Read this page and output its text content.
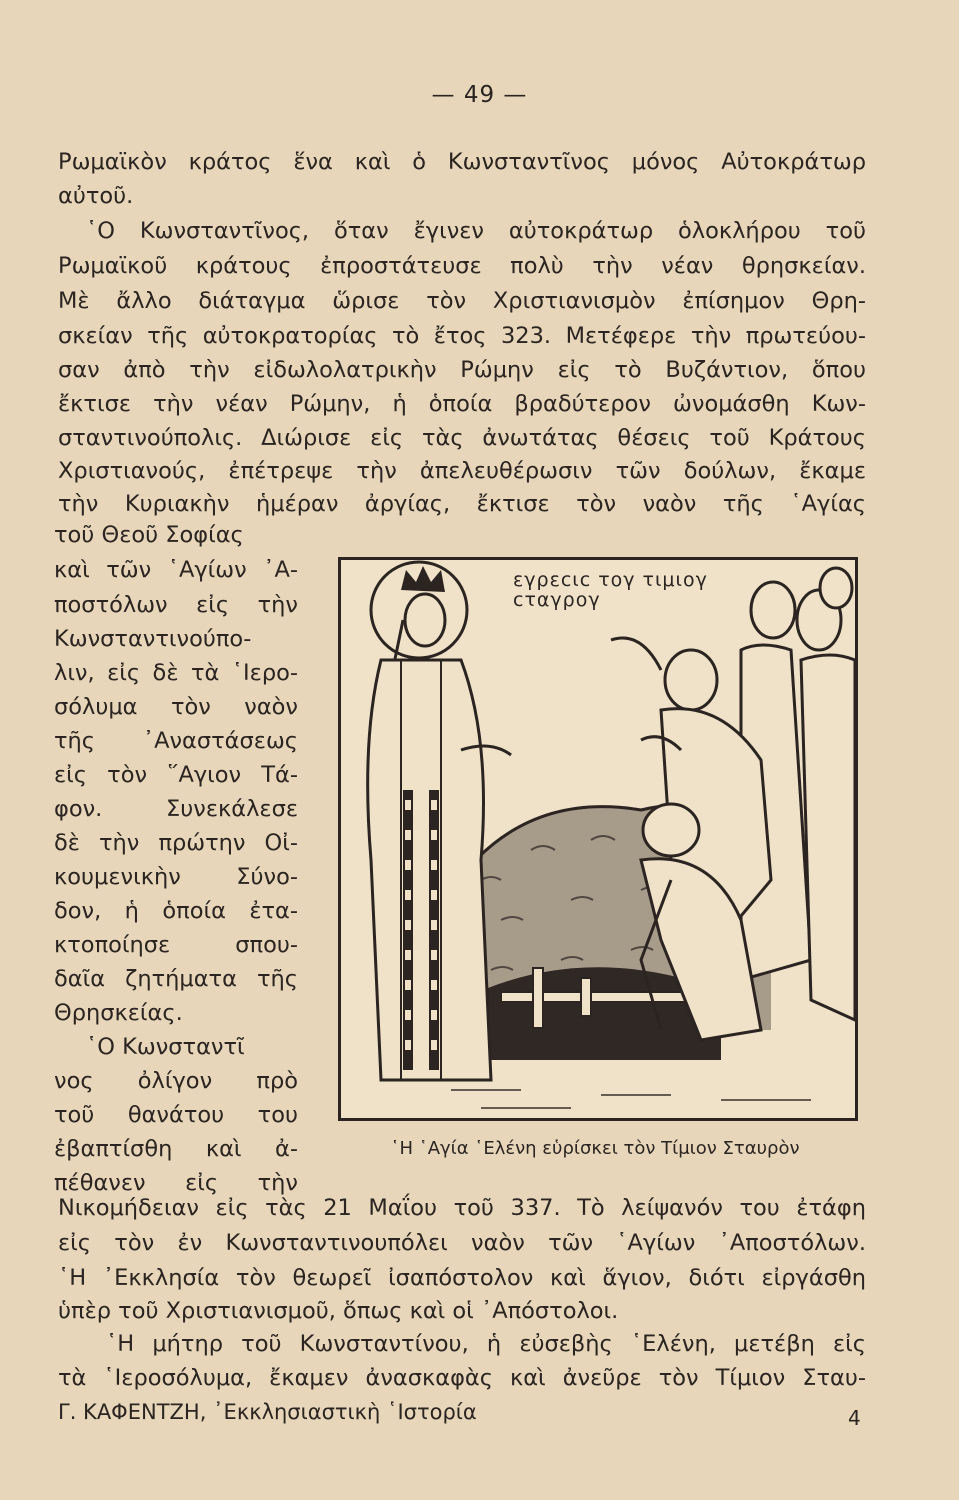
— 49 —
Ρωμαϊκὸν κράτος ἕνα καὶ ὁ Κωνσταντῖνος μόνος Αὐτοκράτωρ
αὐτοῦ.
῾Ο Κωνσταντῖνος, ὅταν ἔγινεν αὐτοκράτωρ ὁλοκλήρου τοῦ
Ρωμαϊκοῦ κράτους ἐπροστάτευσε πολὺ τὴν νέαν θρησκείαν.
Μὲ ἄλλο διάταγμα ὥρισε τὸν Χριστιανισμὸν ἐπίσημον Θρη-
σκείαν τῆς αὐτοκρατορίας τὸ ἔτος 323. Μετέφερε τὴν πρωτεύου-
σαν ἀπὸ τὴν εἰδωλολατρικὴν Ρώμην εἰς τὸ Βυζάντιον, ὅπου
ἔκτισε τὴν νέαν Ρώμην, ἡ ὁποία βραδύτερον ὠνομάσθη Κων-
σταντινούπολις. Διώρισε εἰς τὰς ἀνωτάτας θέσεις τοῦ Κράτους
Χριστιανούς, ἐπέτρεψε τὴν ἀπελευθέρωσιν τῶν δούλων, ἔκαμε
τὴν Κυριακὴν ἡμέραν ἀργίας, ἔκτισε τὸν ναὸν τῆς ῾Αγίας
τοῦ Θεοῦ Σοφίας
καὶ τῶν ῾Αγίων ᾿Α-
ποστόλων εἰς τὴν
Κωνσταντινούπο-
λιν, εἰς δὲ τὰ ῾Ιερο-
σόλυμα τὸν ναὸν
τῆς ᾿Αναστάσεως
εἰς τὸν ῞Αγιον Τά-
φον. Συνεκάλεσε
δὲ τὴν πρώτην Οἰ-
κουμενικὴν Σύνο-
δον, ἡ ὁποία ἐτα-
κτοποίησε σπου-
δαῖα ζητήματα τῆς
Θρησκείας.
῾Ο Κωνσταντῖ
νος ὀλίγον πρὸ
τοῦ θανάτου του
ἐβαπτίσθη καὶ ἀ-
πέθανεν εἰς τὴν
εγρεcιc τογ τιμιογ
cταγρογ
῾Η ῾Αγία ῾Ελένη εὑρίσκει τὸν Τίμιον Σταυρὸν
Νικομήδειαν εἰς τὰς 21 Μαΐου τοῦ 337. Τὸ λείψανόν του ἐτάφη
εἰς τὸν ἐν Κωνσταντινουπόλει ναὸν τῶν ῾Αγίων ᾿Αποστόλων.
῾Η ᾿Εκκλησία τὸν θεωρεῖ ἰσαπόστολον καὶ ἅγιον, διότι εἰργάσθη
ὑπὲρ τοῦ Χριστιανισμοῦ, ὅπως καὶ οἱ ᾿Απόστολοι.
῾Η μήτηρ τοῦ Κωνσταντίνου, ἡ εὐσεβὴς ῾Ελένη, μετέβη εἰς
τὰ ῾Ιεροσόλυμα, ἔκαμεν ἀνασκαφὰς καὶ ἀνεῦρε τὸν Τίμιον Σταυ-
Γ. ΚΑΦΕΝΤΖΗ, ᾿Εκκλησιαστικὴ ῾Ιστορία	4
